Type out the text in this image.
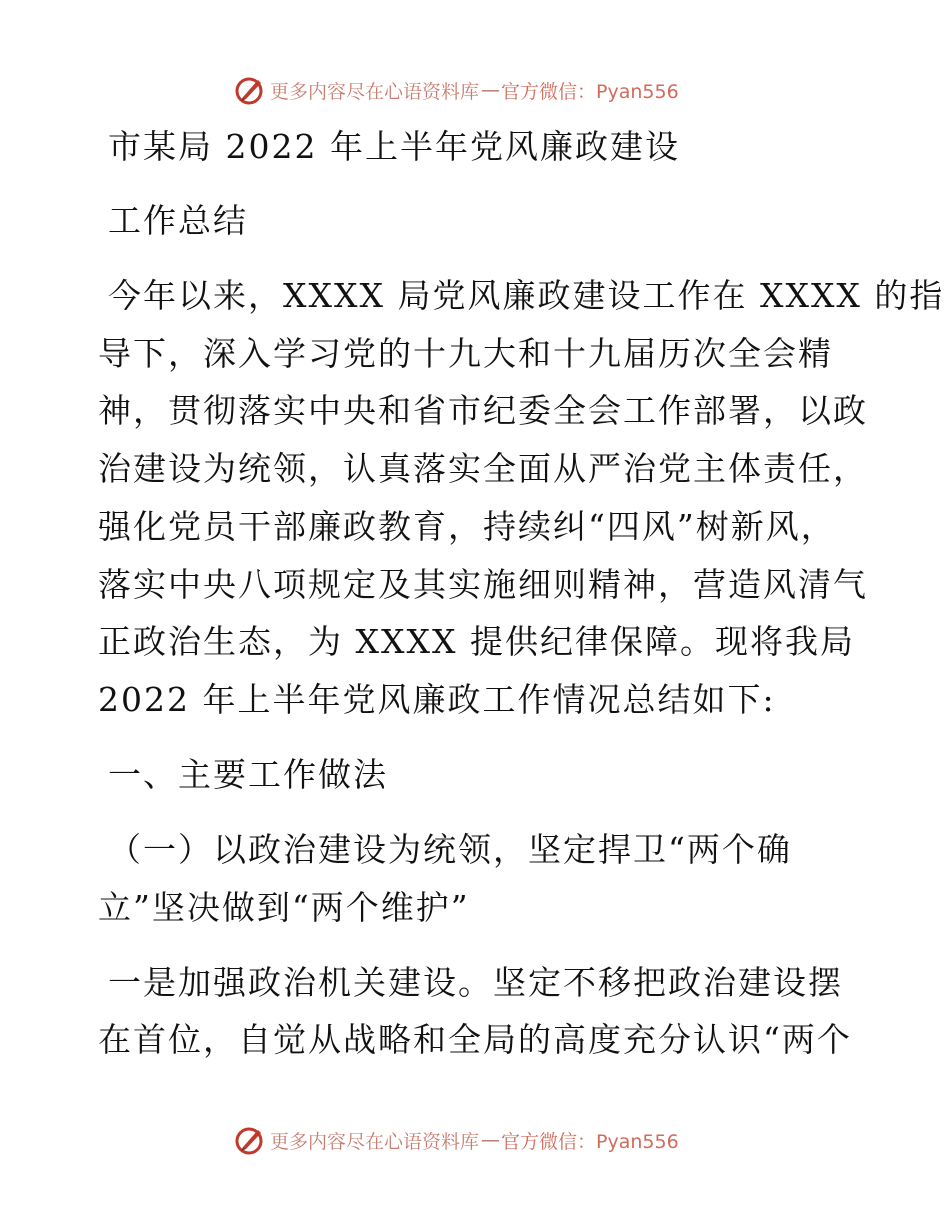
更多内容尽在心语资料库 — 官方微信：Pyan556
市某局 2022 年上半年党风廉政建设
工作总结
今年以来，XXXX 局党风廉政建设工作在 XXXX 的指
导下，深入学习党的十九大和十九届历次全会精
神，贯彻落实中央和省市纪委全会工作部署，以政
治建设为统领，认真落实全面从严治党主体责任，
强化党员干部廉政教育，持续纠“四风”树新风，
落实中央八项规定及其实施细则精神，营造风清气
正政治生态，为 XXXX 提供纪律保障。现将我局
2022 年上半年党风廉政工作情况总结如下:
一、主要工作做法
（一）以政治建设为统领，坚定捍卫“两个确
立”坚决做到“两个维护”
一是加强政治机关建设。坚定不移把政治建设摆
在首位，自觉从战略和全局的高度充分认识“两个
更多内容尽在心语资料库 — 官方微信：Pyan556
